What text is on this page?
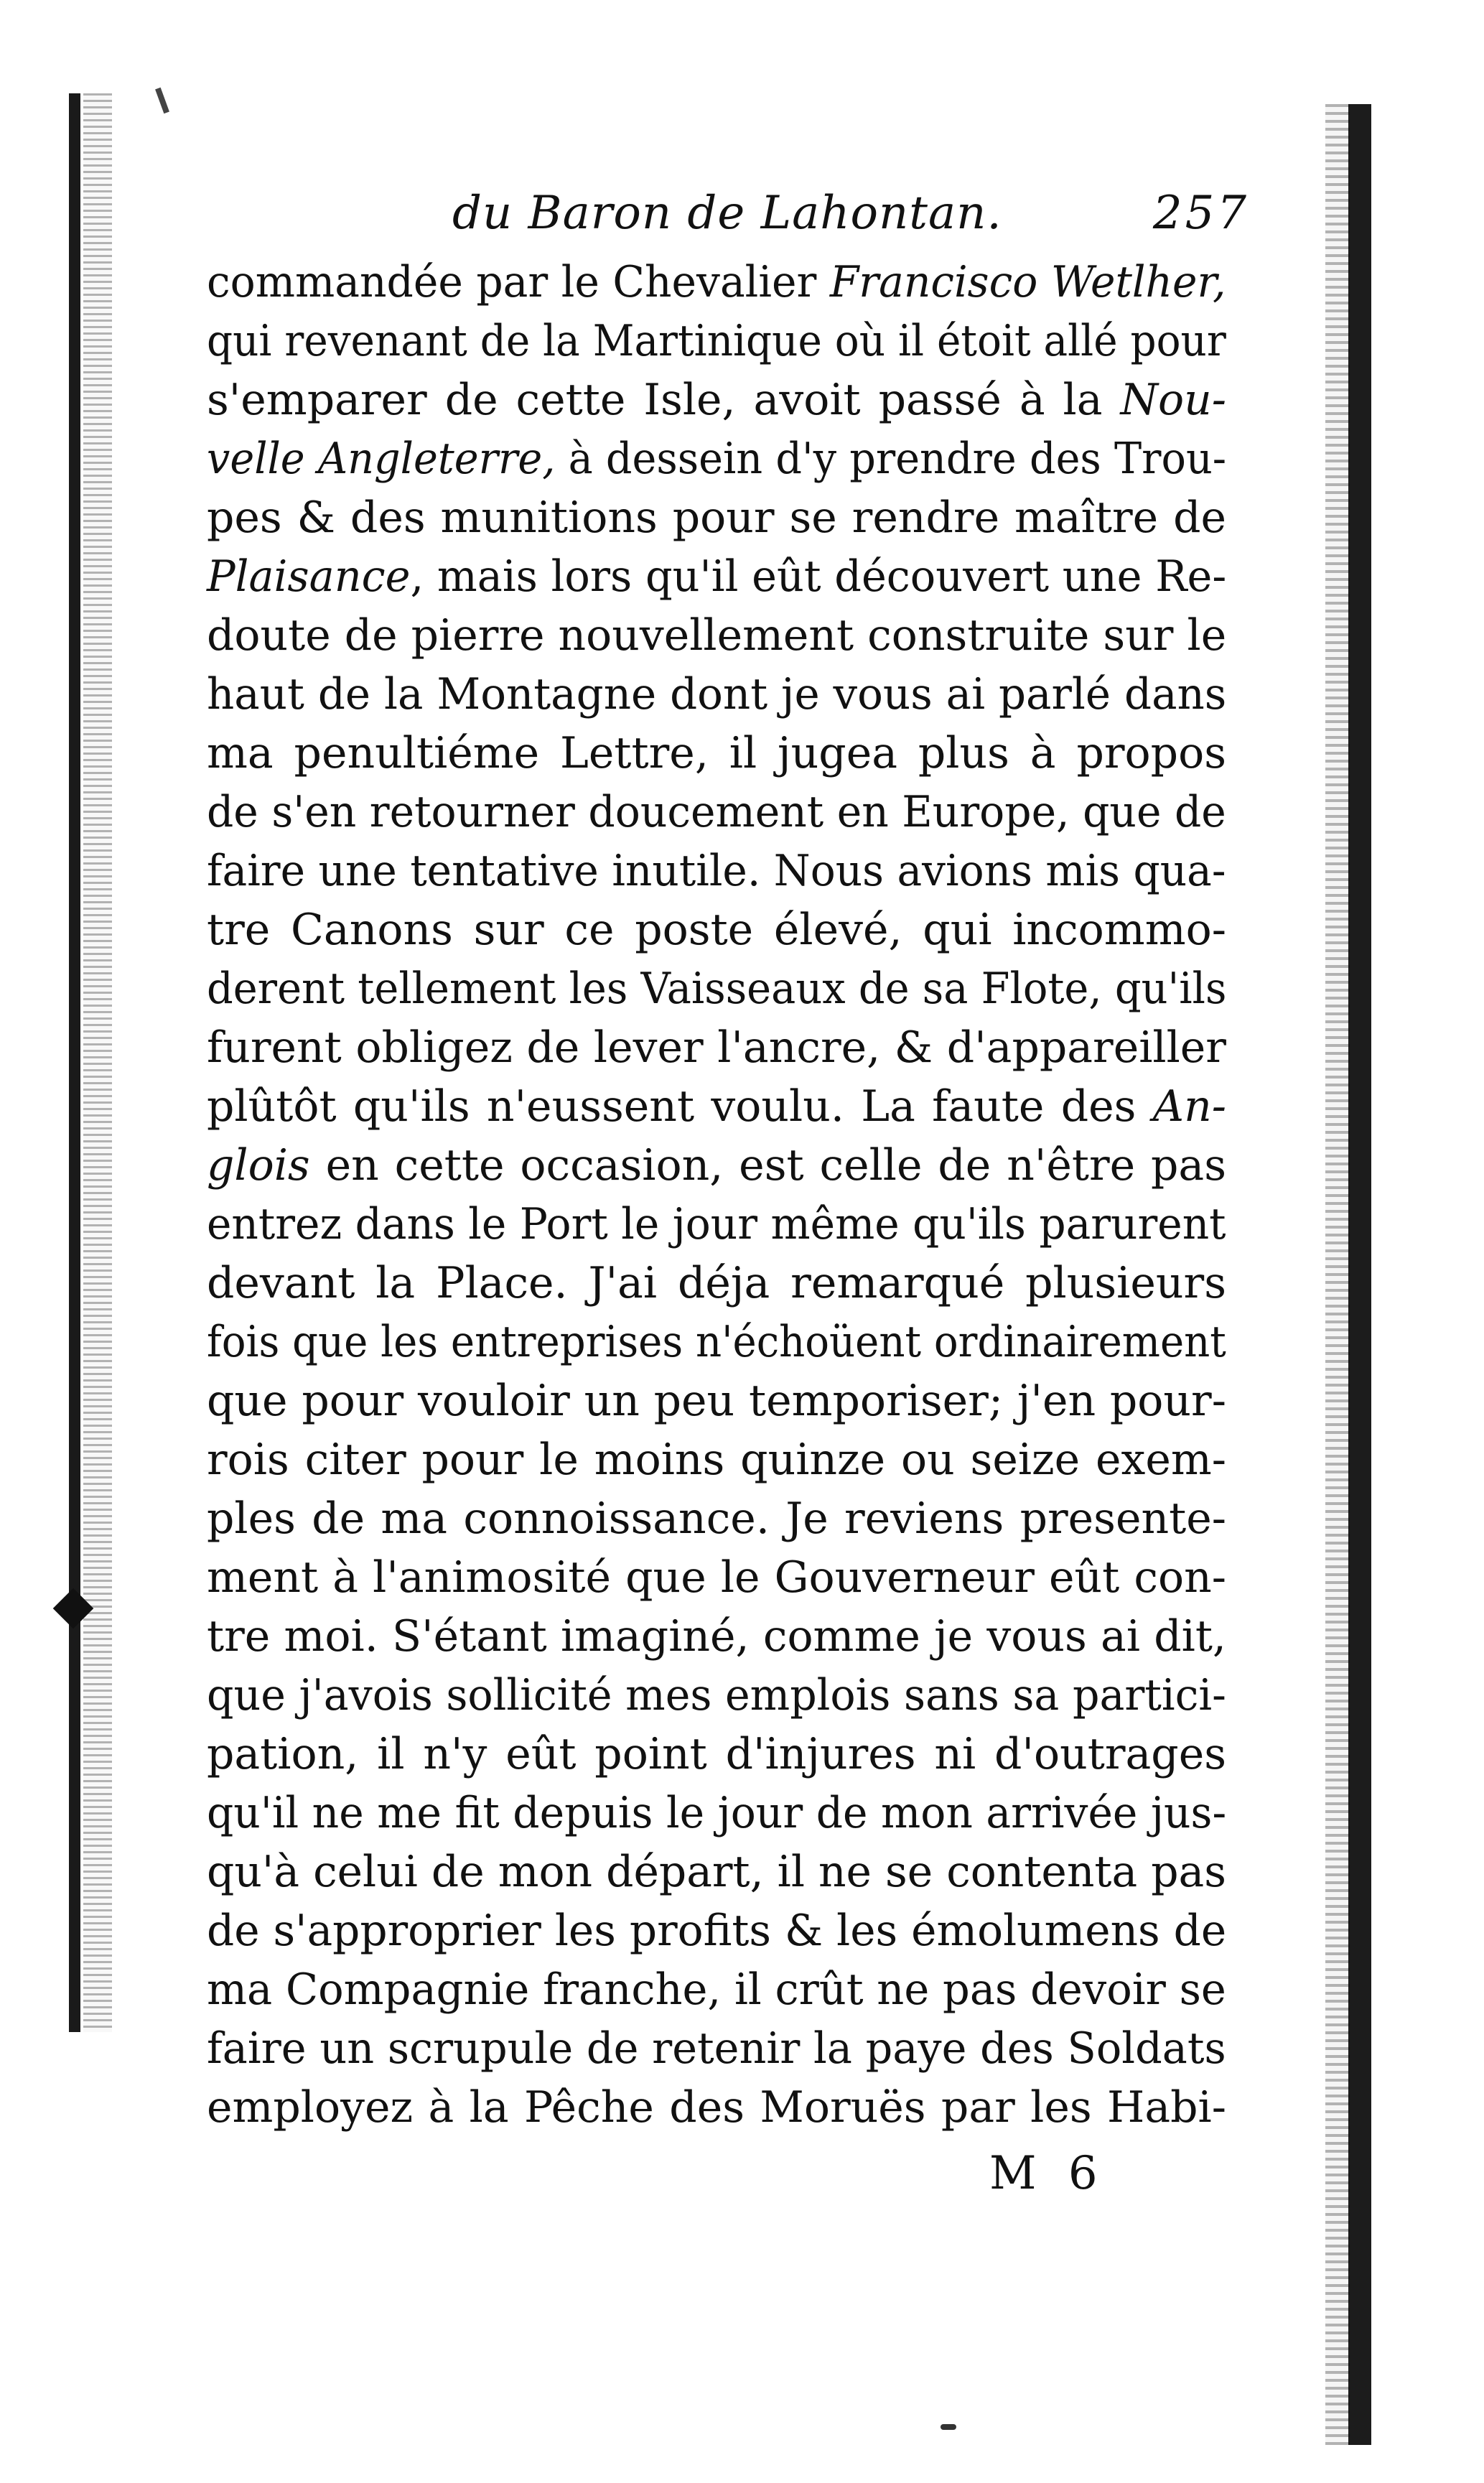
du Baron de Lahontan.	257
commandée par le Chevalier Francisco Wetlher,
qui revenant de la Martinique où il étoit allé pour
s'emparer de cette Isle, avoit passé à la Nou-
velle Angleterre, à dessein d'y prendre des Trou-
pes & des munitions pour se rendre maître de
Plaisance, mais lors qu'il eût découvert une Re-
doute de pierre nouvellement construite sur le
haut de la Montagne dont je vous ai parlé dans
ma penultiéme Lettre, il jugea plus à propos
de s'en retourner doucement en Europe, que de
faire une tentative inutile. Nous avions mis qua-
tre Canons sur ce poste élevé, qui incommo-
derent tellement les Vaisseaux de sa Flote, qu'ils
furent obligez de lever l'ancre, & d'appareiller
plûtôt qu'ils n'eussent voulu. La faute des An-
glois en cette occasion, est celle de n'être pas
entrez dans le Port le jour même qu'ils parurent
devant la Place. J'ai déja remarqué plusieurs
fois que les entreprises n'échoüent ordinairement
que pour vouloir un peu temporiser; j'en pour-
rois citer pour le moins quinze ou seize exem-
ples de ma connoissance. Je reviens presente-
ment à l'animosité que le Gouverneur eût con-
tre moi. S'étant imaginé, comme je vous ai dit,
que j'avois sollicité mes emplois sans sa partici-
pation, il n'y eût point d'injures ni d'outrages
qu'il ne me fit depuis le jour de mon arrivée jus-
qu'à celui de mon départ, il ne se contenta pas
de s'approprier les profits & les émolumens de
ma Compagnie franche, il crût ne pas devoir se
faire un scrupule de retenir la paye des Soldats
employez à la Pêche des Moruës par les Habi-
M 6
